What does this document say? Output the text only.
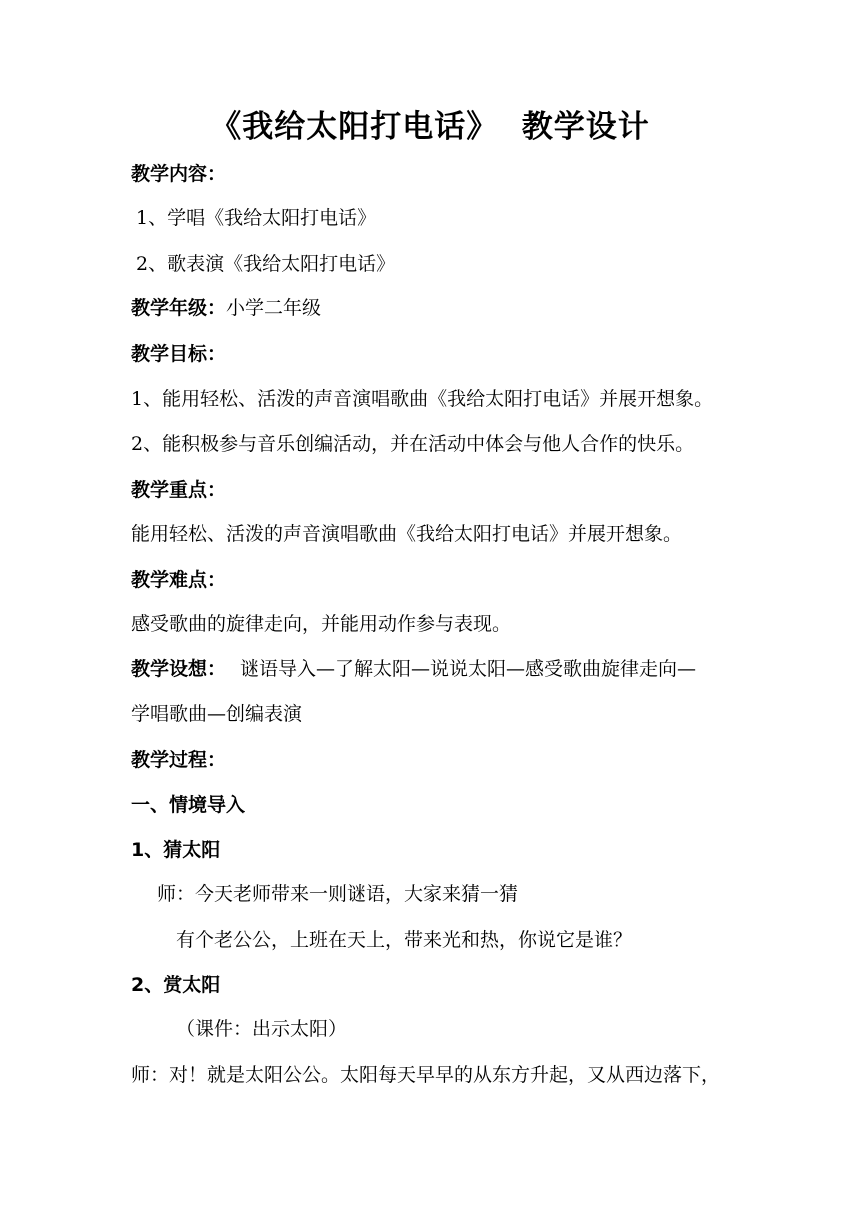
《我给太阳打电话》  教学设计
教学内容：
1、学唱《我给太阳打电话》
2、歌表演《我给太阳打电话》
教学年级：小学二年级
教学目标：
1、能用轻松、活泼的声音演唱歌曲《我给太阳打电话》并展开想象。
2、能积极参与音乐创编活动，并在活动中体会与他人合作的快乐。
教学重点：
能用轻松、活泼的声音演唱歌曲《我给太阳打电话》并展开想象。
教学难点：
感受歌曲的旋律走向，并能用动作参与表现。
教学设想： 谜语导入—了解太阳—说说太阳—感受歌曲旋律走向—
学唱歌曲—创编表演
教学过程：
一、情境导入
1、猜太阳
师：今天老师带来一则谜语，大家来猜一猜
有个老公公，上班在天上，带来光和热，你说它是谁？
2、赏太阳
（课件：出示太阳）
师：对！就是太阳公公。太阳每天早早的从东方升起，又从西边落下，
